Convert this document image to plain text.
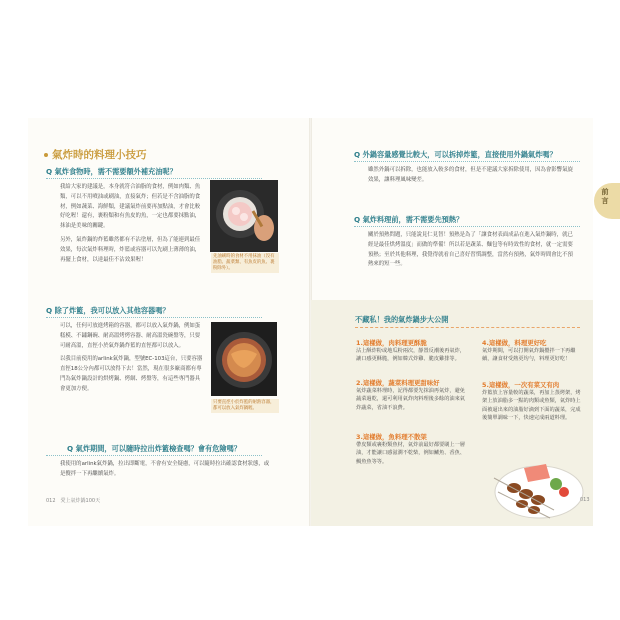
氣炸時的料理小技巧
Q 氣炸食物時，需不需要額外補充油呢？

我給大家的建議是，本身就符合油脂的食材，例如肉類、魚類，可以不用噴油或刷油，直接氣炸；但若是不含油脂的食材，例如蔬菜、海鮮類，建議氣炸前要再加點油，才會比較好吃喔！還有，裹粉類和有魚皮的魚，一定也都要抹點油，抹油是美味的關鍵。

另外，氣炸鍋的炸籃雖然都有不沾塗層，但為了能連到最佳效果，每次氣炸料理時，炸籃或容器可以先刷上薄薄的油，再擺上食材，以達最佳不沾效果喔！

先油刷時的食材不用抹油（沒有油脂、蔬菜類、有魚皮的魚、裹粉除外）。
Q 除了炸籃，我可以放入其他容器嗎？

可以，任何可放進烤箱的容器，都可以放入氣炸鍋，例如蛋糕模、不鏽鋼碗、耐高溫烤烤容器、耐高溫瓷碗盤等，只要可耐高溫，直徑小於氣炸鍋炸籃的直徑都可以放入。

以我目前使用的arlink氣炸鍋，型號EC-103這台，只要容器直徑18公分內都可以放得下去！當然，現在很多廠商都有專門為氣炸鍋設計的烘烤鍋、烤網、烤盤等，有這些專門器具會更加方便。

只要直徑小於炸籃的耐熱容器，都可以放入氣炸鍋喔。
Q 氣炸期間，可以隨時拉出炸籃檢查嗎？會有危險嗎？

我使用的arlink氣炸鍋，拉出即斷電，不會有安全疑慮，可以隨時拉出確認食材狀態，或是攪拌一下再繼續氣炸。

012　愛上氣炸鍋100天
Q 外鍋容量感覺比較大，可以拆掉炸籃，直接使用外鍋氣炸嗎？

雖然外鍋可以拆除，也能放入較多的食材，但是不建議大家拆除使用，因為會影響氣旋效果，讓料理風味變差。

Q 氣炸料理前，需不需要先預熱？

關於預熱問題，只能說見仁見智！預熱是為了「讓食材表面成品在進入氣炸鍋時，就已經是最佳烘烤溫度」而做的準備！所以若是蔬菜、麵包等有時效性的食材，就一定需要預熱；至於其他料理，我覺得就看自己喜好習慣調整，當然有預熱，氣炸時間會比不預熱來的短一些。

前言
不藏私！我的氣炸鍋步大公開
1.這樣做，肉料理更酥脆
沾上酥炸粉或地瓜粉兩次，靜置反潮後再氣炸，讓口感更酥脆，例如韓式炸雞、脆皮雞排等。
2.這樣做，蔬菜料理更甜味好
氣炸蔬菜料理時，記得都要先抹油再氣炸，避免蔬菜過乾，還可利用氣炸肉料理後多餘的油來氣炸蔬菜，省油不浪費。
3.這樣做，魚料理不散架
帶皮類或裹粉類魚材，氣炸前最好都要刷上一層油，才能讓口感滋潤不乾柴，例如鱸魚、香魚、鯛魚魚等等。
4.這樣做，料理更好吃
氣炸期間，可以打開氣炸鍋攪拌一下再繼續，讓食材受熱更均勻，料理更好吃！
5.這樣做，一次有菜又有肉
炸籃放上容量較的蔬菜，再加上蒸烤架，烤架上放油脂多一點的肉類或魚類，氣炸時上面被逼出來的油脂好滴到下面的蔬菜，完成後簡單調味一下，快速完成兩道料理。
013
